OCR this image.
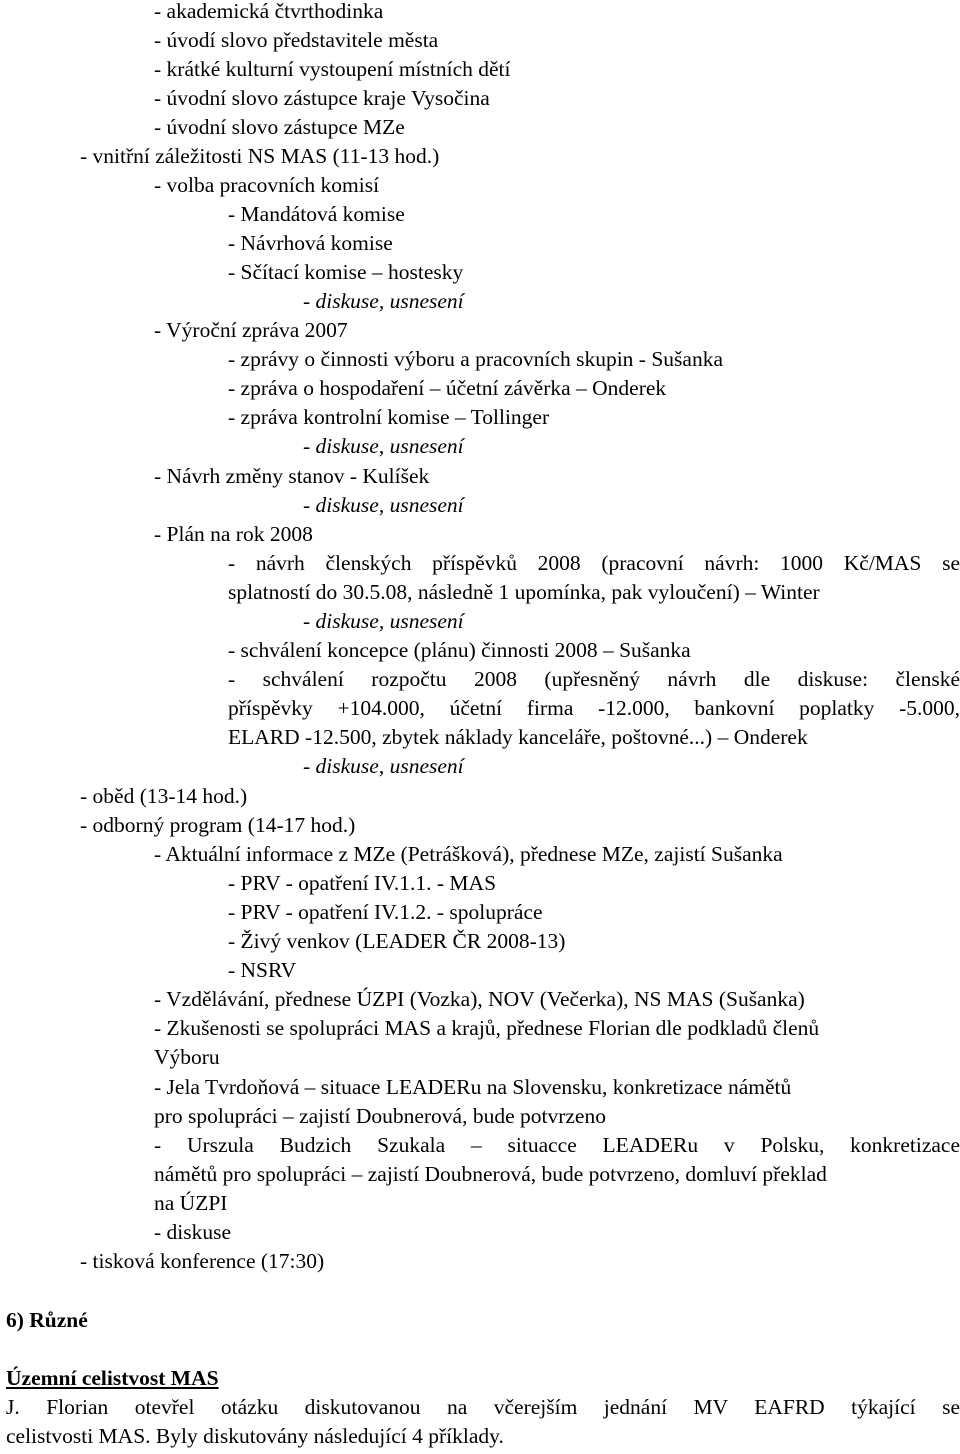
- akademická čtvrthodinka
- úvodí slovo představitele města
- krátké kulturní vystoupení místních dětí
- úvodní slovo zástupce kraje Vysočina
- úvodní slovo zástupce MZe
- vnitřní záležitosti NS MAS (11-13 hod.)
- volba pracovních komisí
- Mandátová komise
- Návrhová komise
- Sčítací komise – hostesky
- diskuse, usnesení
- Výroční zpráva 2007
- zprávy o činnosti výboru a pracovních skupin - Sušanka
- zpráva o hospodaření – účetní závěrka – Onderek
- zpráva kontrolní komise – Tollinger
- diskuse, usnesení
- Návrh změny stanov - Kulíšek
- diskuse, usnesení
- Plán na rok 2008
- návrh členských příspěvků 2008 (pracovní návrh: 1000 Kč/MAS se
splatností do 30.5.08, následně 1 upomínka, pak vyloučení) – Winter
- diskuse, usnesení
- schválení koncepce (plánu) činnosti 2008 – Sušanka
- schválení rozpočtu 2008 (upřesněný návrh dle diskuse: členské
příspěvky +104.000, účetní firma -12.000, bankovní poplatky -5.000,
ELARD -12.500, zbytek náklady kanceláře, poštovné...) – Onderek
- diskuse, usnesení
- oběd (13-14 hod.)
- odborný program (14-17 hod.)
- Aktuální informace z MZe (Petrášková), přednese MZe, zajistí Sušanka
- PRV - opatření IV.1.1. - MAS
- PRV - opatření IV.1.2. - spolupráce
- Živý venkov (LEADER ČR 2008-13)
- NSRV
- Vzdělávání, přednese ÚZPI (Vozka), NOV (Večerka), NS MAS (Sušanka)
- Zkušenosti se spolupráci MAS a krajů, přednese Florian dle podkladů členů
Výboru
- Jela Tvrdoňová – situace LEADERu na Slovensku, konkretizace námětů
pro spolupráci – zajistí Doubnerová, bude potvrzeno
- Urszula Budzich Szukala – situacce LEADERu v Polsku, konkretizace
námětů pro spolupráci – zajistí Doubnerová, bude potvrzeno, domluví překlad
na ÚZPI
- diskuse
- tisková konference (17:30)
6) Různé
Územní celistvost MAS
J. Florian otevřel otázku diskutovanou na včerejším jednání MV EAFRD týkající se
celistvosti MAS. Byly diskutovány následující 4 příklady.
